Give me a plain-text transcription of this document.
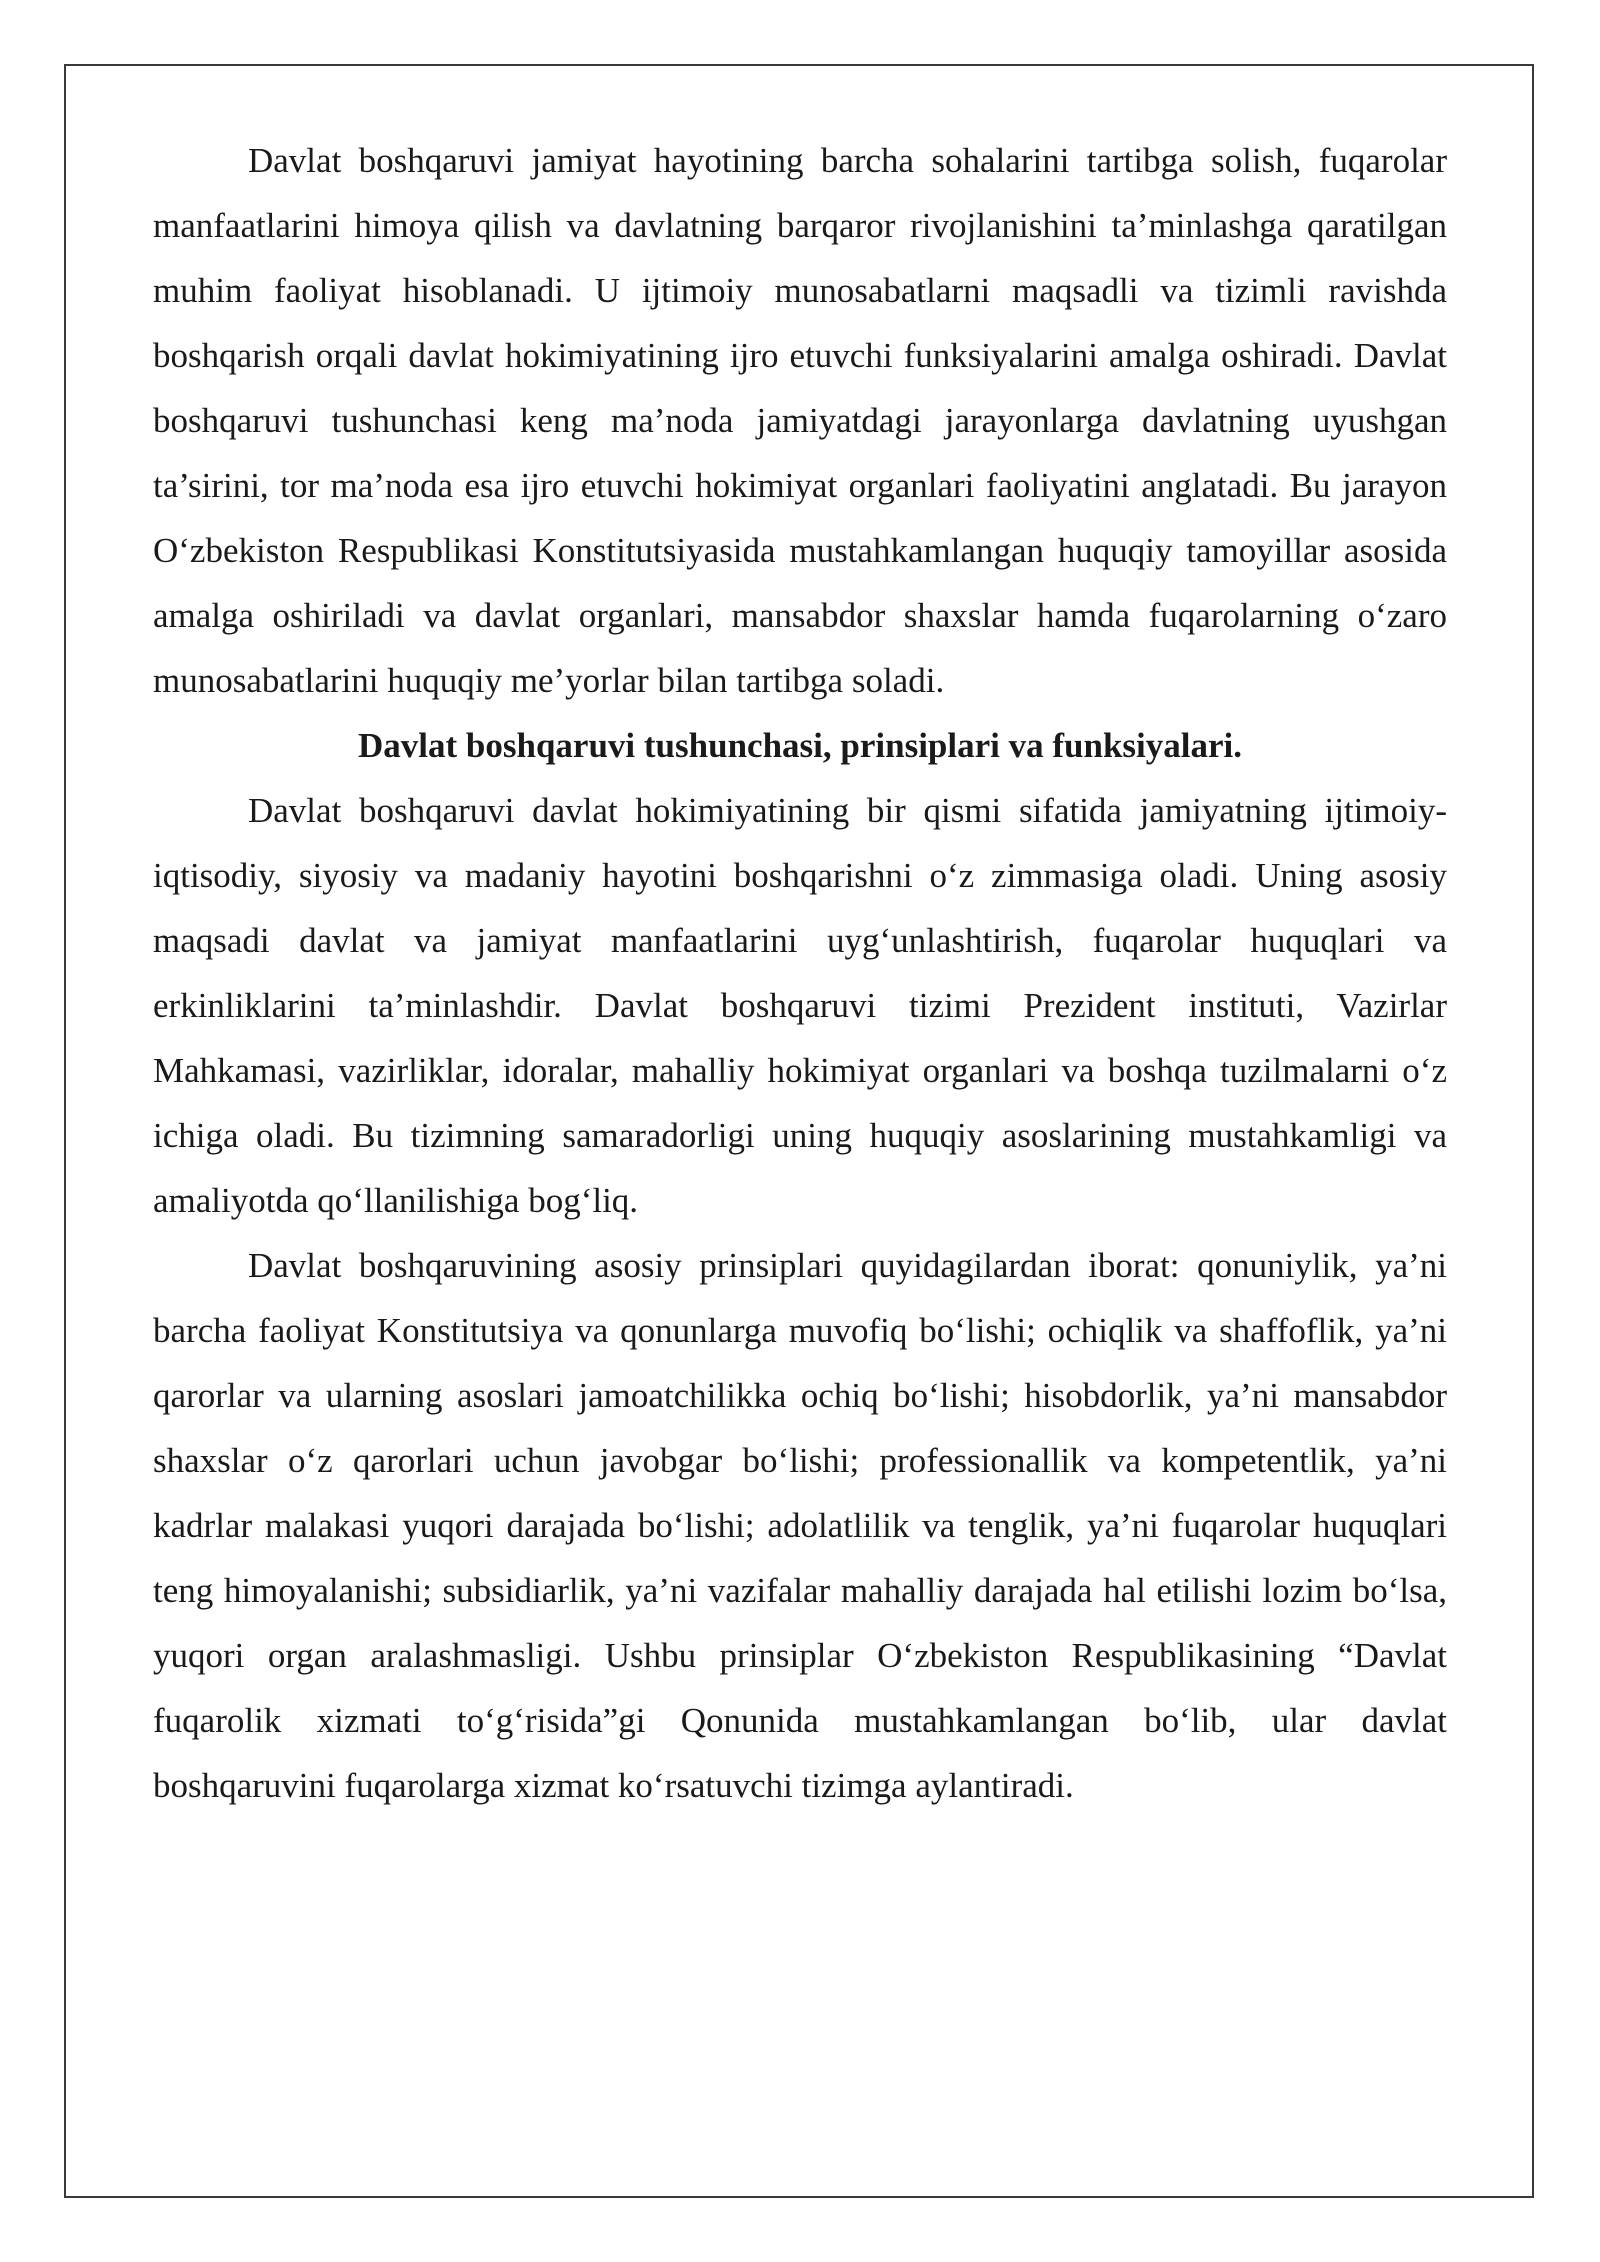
Davlat boshqaruvi jamiyat hayotining barcha sohalarini tartibga solish, fuqarolar manfaatlarini himoya qilish va davlatning barqaror rivojlanishini ta’minlashga qaratilgan muhim faoliyat hisoblanadi. U ijtimoiy munosabatlarni maqsadli va tizimli ravishda boshqarish orqali davlat hokimiyatining ijro etuvchi funksiyalarini amalga oshiradi. Davlat boshqaruvi tushunchasi keng ma’noda jamiyatdagi jarayonlarga davlatning uyushgan ta’sirini, tor ma’noda esa ijro etuvchi hokimiyat organlari faoliyatini anglatadi. Bu jarayon O‘zbekiston Respublikasi Konstitutsiyasida mustahkamlangan huquqiy tamoyillar asosida amalga oshiriladi va davlat organlari, mansabdor shaxslar hamda fuqarolarning o‘zaro munosabatlarini huquqiy me’yorlar bilan tartibga soladi.

Davlat boshqaruvi tushunchasi, prinsiplari va funksiyalari.

Davlat boshqaruvi davlat hokimiyatining bir qismi sifatida jamiyatning ijtimoiy-iqtisodiy, siyosiy va madaniy hayotini boshqarishni o‘z zimmasiga oladi. Uning asosiy maqsadi davlat va jamiyat manfaatlarini uyg‘unlashtirish, fuqarolar huquqlari va erkinliklarini ta’minlashdir. Davlat boshqaruvi tizimi Prezident instituti, Vazirlar Mahkamasi, vazirliklar, idoralar, mahalliy hokimiyat organlari va boshqa tuzilmalarni o‘z ichiga oladi. Bu tizimning samaradorligi uning huquqiy asoslarining mustahkamligi va amaliyotda qo‘llanilishiga bog‘liq.

Davlat boshqaruvining asosiy prinsiplari quyidagilardan iborat: qonuniylik, ya’ni barcha faoliyat Konstitutsiya va qonunlarga muvofiq bo‘lishi; ochiqlik va shaffoflik, ya’ni qarorlar va ularning asoslari jamoatchilikka ochiq bo‘lishi; hisobdorlik, ya’ni mansabdor shaxslar o‘z qarorlari uchun javobgar bo‘lishi; professionallik va kompetentlik, ya’ni kadrlar malakasi yuqori darajada bo‘lishi; adolatlilik va tenglik, ya’ni fuqarolar huquqlari teng himoyalanishi; subsidiarlik, ya’ni vazifalar mahalliy darajada hal etilishi lozim bo‘lsa, yuqori organ aralashmasligi. Ushbu prinsiplar O‘zbekiston Respublikasining “Davlat fuqarolik xizmati to‘g‘risida”gi Qonunida mustahkamlangan bo‘lib, ular davlat boshqaruvini fuqarolarga xizmat ko‘rsatuvchi tizimga aylantiradi.
